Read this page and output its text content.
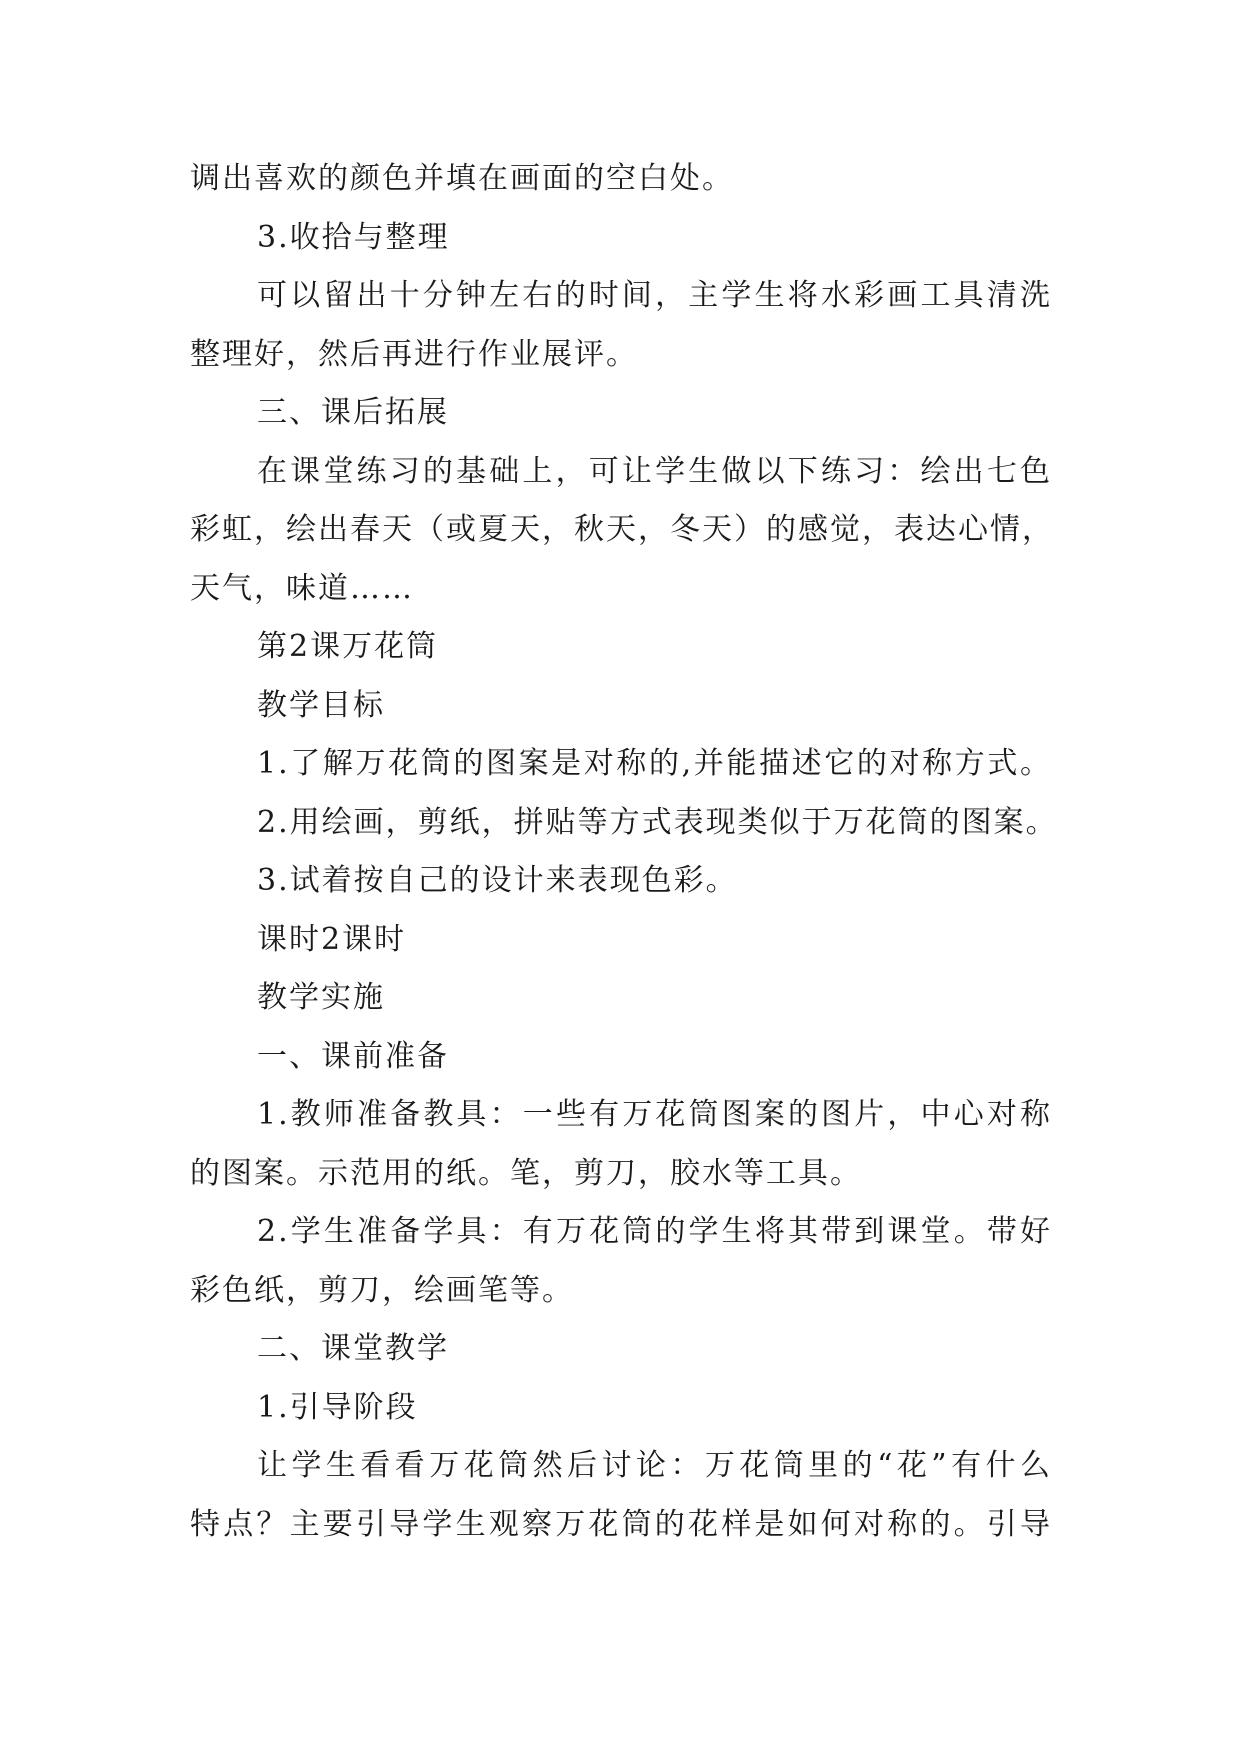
调出喜欢的颜色并填在画面的空白处。
3.收拾与整理
可以留出十分钟左右的时间，主学生将水彩画工具清洗
整理好，然后再进行作业展评。
三、课后拓展
在课堂练习的基础上，可让学生做以下练习：绘出七色
彩虹，绘出春天（或夏天，秋天，冬天）的感觉，表达心情，
天气，味道……
第2课万花筒
教学目标
1.了解万花筒的图案是对称的,并能描述它的对称方式。
2.用绘画，剪纸，拼贴等方式表现类似于万花筒的图案。
3.试着按自己的设计来表现色彩。
课时2课时
教学实施
一、课前准备
1.教师准备教具：一些有万花筒图案的图片，中心对称
的图案。示范用的纸。笔，剪刀，胶水等工具。
2.学生准备学具：有万花筒的学生将其带到课堂。带好
彩色纸，剪刀，绘画笔等。
二、课堂教学
1.引导阶段
让学生看看万花筒然后讨论：万花筒里的“花”有什么
特点？主要引导学生观察万花筒的花样是如何对称的。引导
